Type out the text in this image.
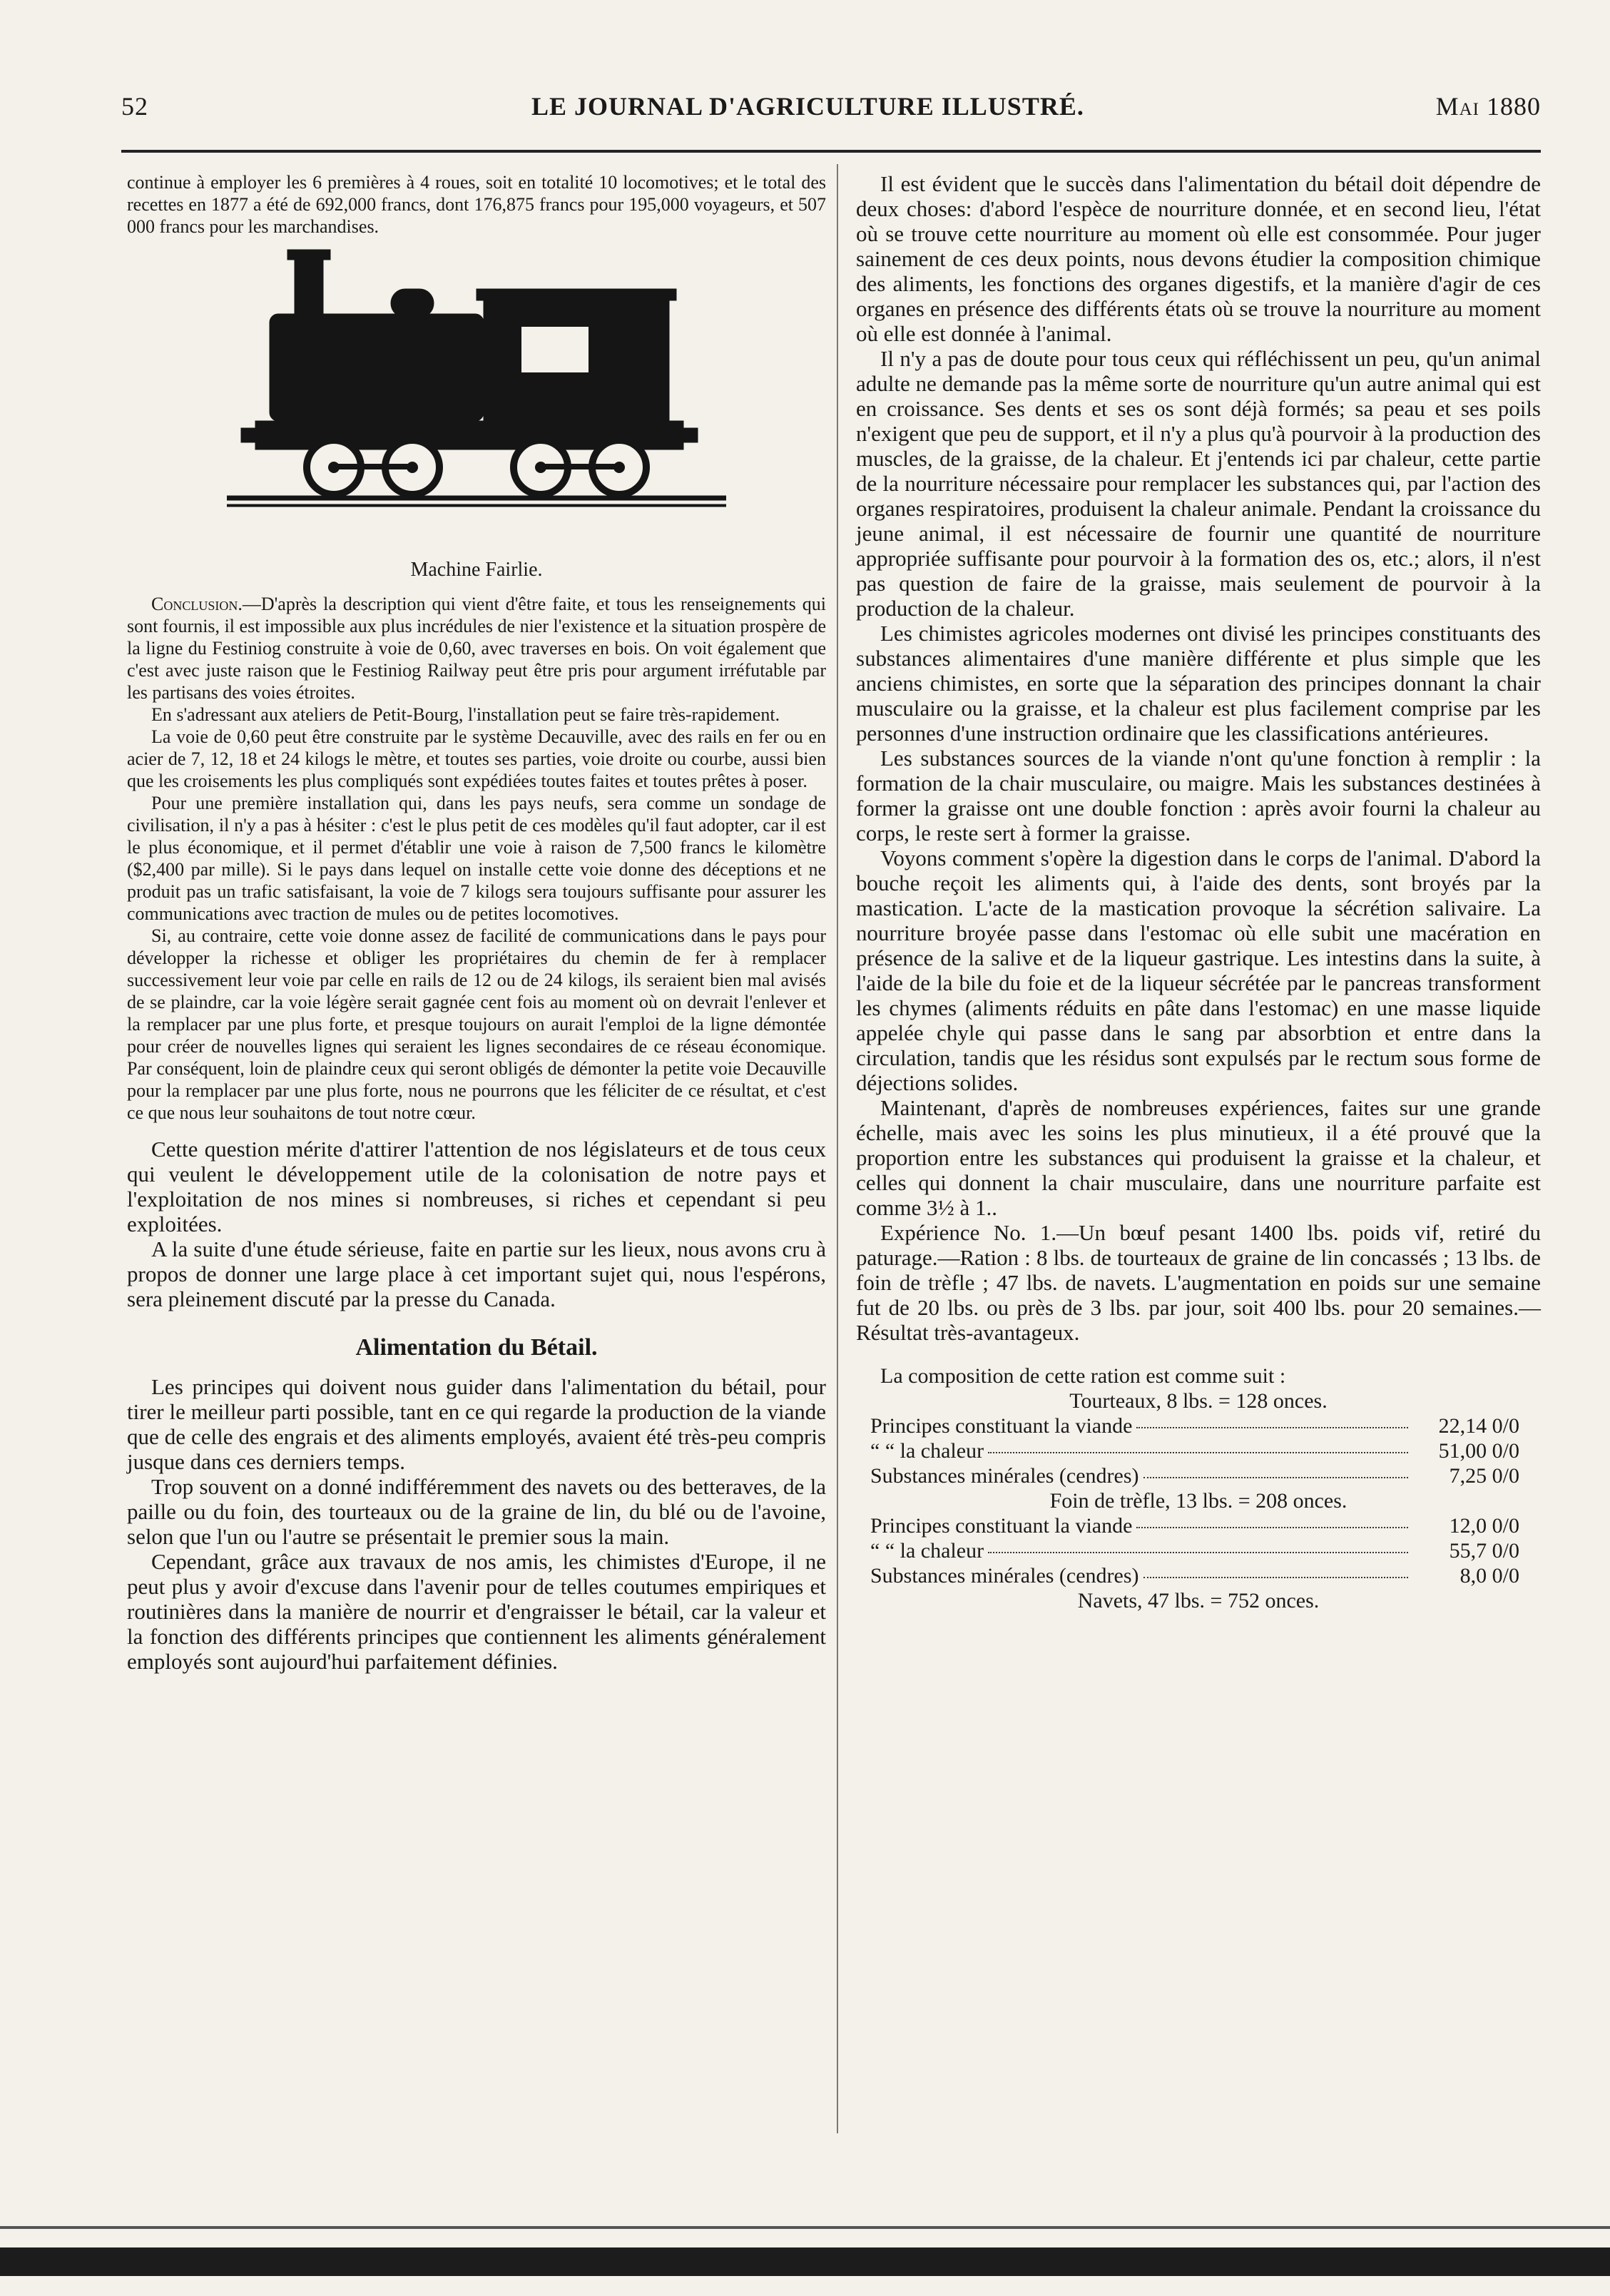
52	LE JOURNAL D'AGRICULTURE ILLUSTRÉ.	Mai 1880

continue à employer les 6 premières à 4 roues, soit en totalité 10 locomotives; et le total des recettes en 1877 a été de 692,000 francs, dont 176,875 francs pour 195,000 voyageurs, et 507 000 francs pour les marchandises.

Machine Fairlie.

Conclusion.—D'après la description qui vient d'être faite, et tous les renseignements qui sont fournis, il est impossible aux plus incrédules de nier l'existence et la situation prospère de la ligne du Festiniog construite à voie de 0,60, avec traverses en bois. On voit également que c'est avec juste raison que le Festiniog Railway peut être pris pour argument irréfutable par les partisans des voies étroites.

En s'adressant aux ateliers de Petit-Bourg, l'installation peut se faire très-rapidement.

La voie de 0,60 peut être construite par le système Decauville, avec des rails en fer ou en acier de 7, 12, 18 et 24 kilogs le mètre, et toutes ses parties, voie droite ou courbe, aussi bien que les croisements les plus compliqués sont expédiées toutes faites et toutes prêtes à poser.

Pour une première installation qui, dans les pays neufs, sera comme un sondage de civilisation, il n'y a pas à hésiter : c'est le plus petit de ces modèles qu'il faut adopter, car il est le plus économique, et il permet d'établir une voie à raison de 7,500 francs le kilomètre ($2,400 par mille). Si le pays dans lequel on installe cette voie donne des déceptions et ne produit pas un trafic satisfaisant, la voie de 7 kilogs sera toujours suffisante pour assurer les communications avec traction de mules ou de petites locomotives.

Si, au contraire, cette voie donne assez de facilité de communications dans le pays pour développer la richesse et obliger les propriétaires du chemin de fer à remplacer successivement leur voie par celle en rails de 12 ou de 24 kilogs, ils seraient bien mal avisés de se plaindre, car la voie légère serait gagnée cent fois au moment où on devrait l'enlever et la remplacer par une plus forte, et presque toujours on aurait l'emploi de la ligne démontée pour créer de nouvelles lignes qui seraient les lignes secondaires de ce réseau économique. Par conséquent, loin de plaindre ceux qui seront obligés de démonter la petite voie Decauville pour la remplacer par une plus forte, nous ne pourrons que les féliciter de ce résultat, et c'est ce que nous leur souhaitons de tout notre cœur.

Cette question mérite d'attirer l'attention de nos législateurs et de tous ceux qui veulent le développement utile de la colonisation de notre pays et l'exploitation de nos mines si nombreuses, si riches et cependant si peu exploitées.

A la suite d'une étude sérieuse, faite en partie sur les lieux, nous avons cru à propos de donner une large place à cet important sujet qui, nous l'espérons, sera pleinement discuté par la presse du Canada.

Alimentation du Bétail.

Les principes qui doivent nous guider dans l'alimentation du bétail, pour tirer le meilleur parti possible, tant en ce qui regarde la production de la viande que de celle des engrais et des aliments employés, avaient été très-peu compris jusque dans ces derniers temps.

Trop souvent on a donné indifféremment des navets ou des betteraves, de la paille ou du foin, des tourteaux ou de la graine de lin, du blé ou de l'avoine, selon que l'un ou l'autre se présentait le premier sous la main.

Cependant, grâce aux travaux de nos amis, les chimistes d'Europe, il ne peut plus y avoir d'excuse dans l'avenir pour de telles coutumes empiriques et routinières dans la manière de nourrir et d'engraisser le bétail, car la valeur et la fonction des différents principes que contiennent les aliments généralement employés sont aujourd'hui parfaitement définies.

Il est évident que le succès dans l'alimentation du bétail doit dépendre de deux choses: d'abord l'espèce de nourriture donnée, et en second lieu, l'état où se trouve cette nourriture au moment où elle est consommée. Pour juger sainement de ces deux points, nous devons étudier la composition chimique des aliments, les fonctions des organes digestifs, et la manière d'agir de ces organes en présence des différents états où se trouve la nourriture au moment où elle est donnée à l'animal.

Il n'y a pas de doute pour tous ceux qui réfléchissent un peu, qu'un animal adulte ne demande pas la même sorte de nourriture qu'un autre animal qui est en croissance. Ses dents et ses os sont déjà formés; sa peau et ses poils n'exigent que peu de support, et il n'y a plus qu'à pourvoir à la production des muscles, de la graisse, de la chaleur. Et j'entends ici par chaleur, cette partie de la nourriture nécessaire pour remplacer les substances qui, par l'action des organes respiratoires, produisent la chaleur animale. Pendant la croissance du jeune animal, il est nécessaire de fournir une quantité de nourriture appropriée suffisante pour pourvoir à la formation des os, etc.; alors, il n'est pas question de faire de la graisse, mais seulement de pourvoir à la production de la chaleur.

Les chimistes agricoles modernes ont divisé les principes constituants des substances alimentaires d'une manière différente et plus simple que les anciens chimistes, en sorte que la séparation des principes donnant la chair musculaire ou la graisse, et la chaleur est plus facilement comprise par les personnes d'une instruction ordinaire que les classifications antérieures.

Les substances sources de la viande n'ont qu'une fonction à remplir : la formation de la chair musculaire, ou maigre. Mais les substances destinées à former la graisse ont une double fonction : après avoir fourni la chaleur au corps, le reste sert à former la graisse.

Voyons comment s'opère la digestion dans le corps de l'animal. D'abord la bouche reçoit les aliments qui, à l'aide des dents, sont broyés par la mastication. L'acte de la mastication provoque la sécrétion salivaire. La nourriture broyée passe dans l'estomac où elle subit une macération en présence de la salive et de la liqueur gastrique. Les intestins dans la suite, à l'aide de la bile du foie et de la liqueur sécrétée par le pancreas transforment les chymes (aliments réduits en pâte dans l'estomac) en une masse liquide appelée chyle qui passe dans le sang par absorbtion et entre dans la circulation, tandis que les résidus sont expulsés par le rectum sous forme de déjections solides.

Maintenant, d'après de nombreuses expériences, faites sur une grande échelle, mais avec les soins les plus minutieux, il a été prouvé que la proportion entre les substances qui produisent la graisse et la chaleur, et celles qui donnent la chair musculaire, dans une nourriture parfaite est comme 3½ à 1..

Expérience No. 1.—Un bœuf pesant 1400 lbs. poids vif, retiré du paturage.—Ration : 8 lbs. de tourteaux de graine de lin concassés ; 13 lbs. de foin de trèfle ; 47 lbs. de navets. L'augmentation en poids sur une semaine fut de 20 lbs. ou près de 3 lbs. par jour, soit 400 lbs. pour 20 semaines.— Résultat très-avantageux.

La composition de cette ration est comme suit :

Tourteaux, 8 lbs. = 128 onces.
Principes constituant la viande	22,14 0/0
“ “ la chaleur	51,00 0/0
Substances minérales (cendres)	7,25 0/0
Foin de trèfle, 13 lbs. = 208 onces.
Principes constituant la viande	12,0 0/0
“ “ la chaleur	55,7 0/0
Substances minérales (cendres)	8,0 0/0
Navets, 47 lbs. = 752 onces.
